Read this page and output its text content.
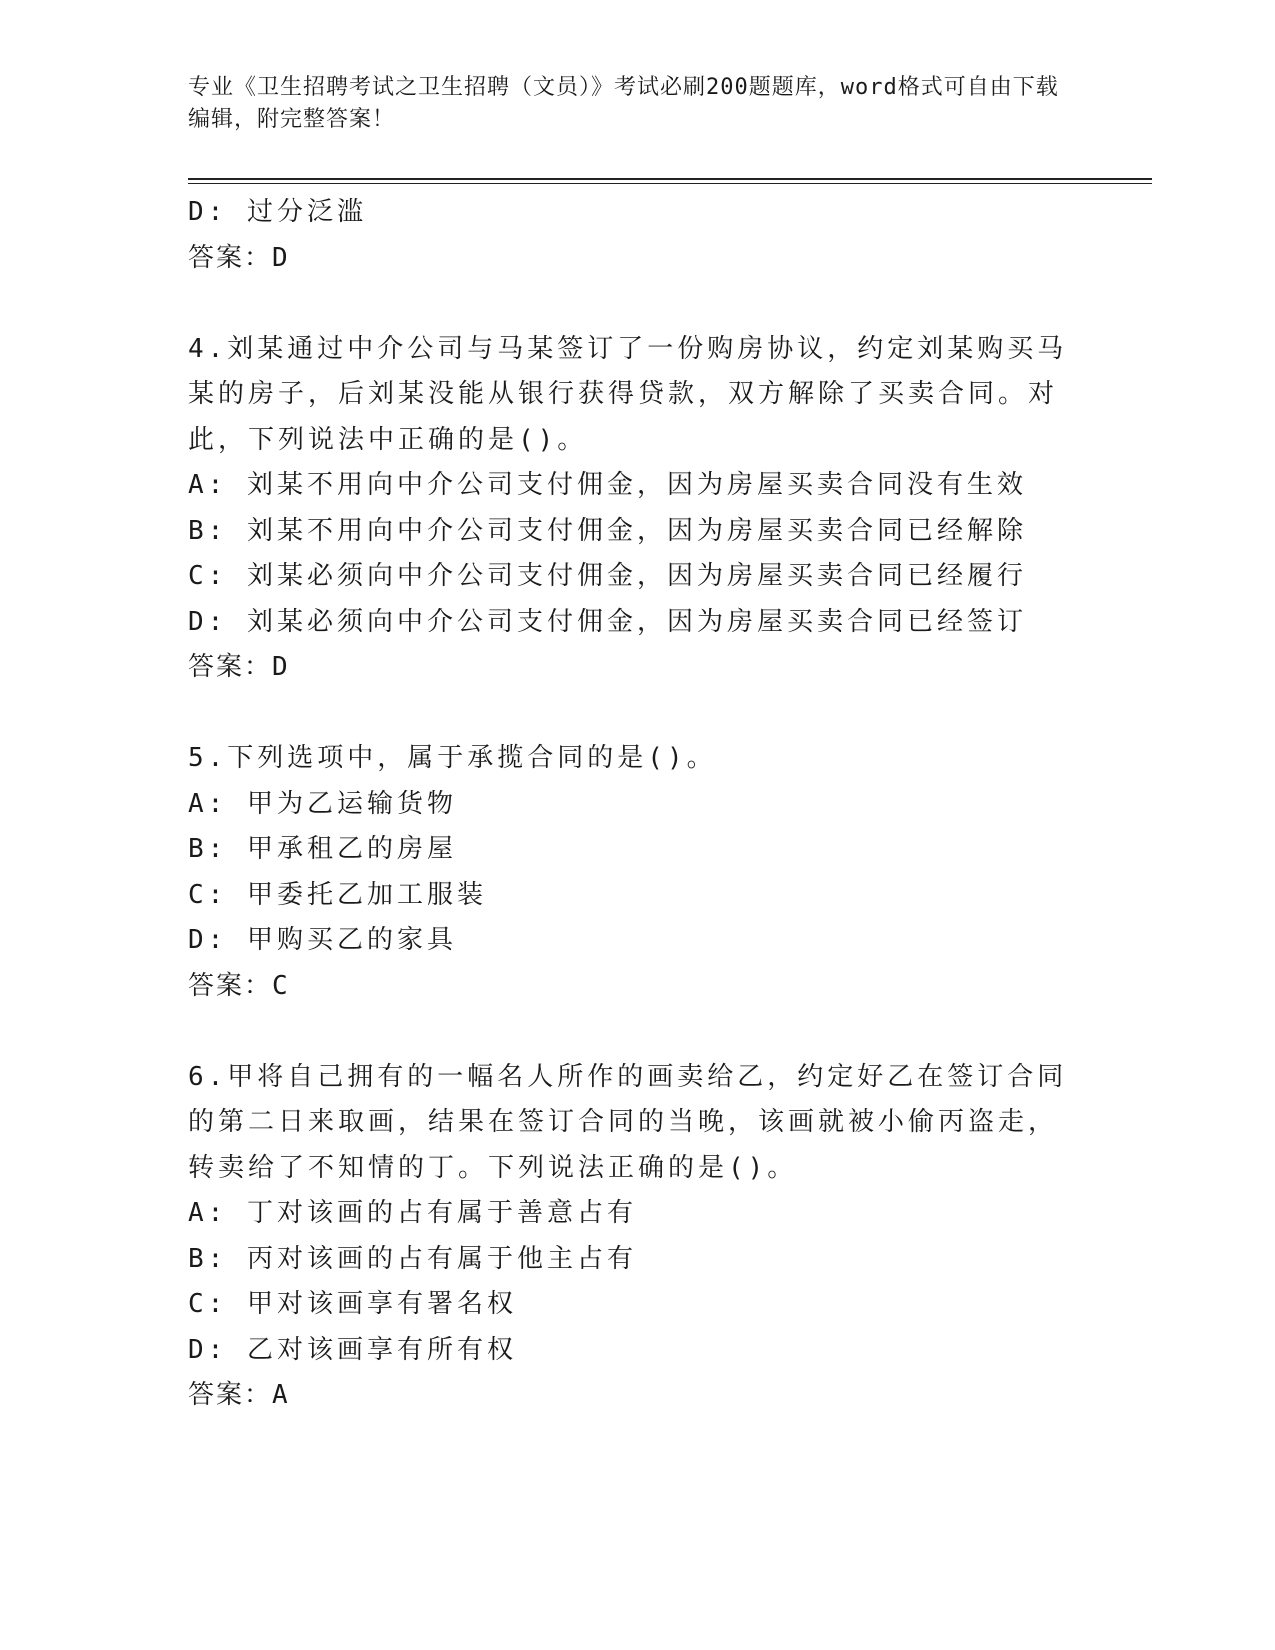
专业《卫生招聘考试之卫生招聘（文员）》考试必刷200题题库，word格式可自由下载编辑，附完整答案！
D: 过分泛滥
答案：D
4.刘某通过中介公司与马某签订了一份购房协议，约定刘某购买马某的房子，后刘某没能从银行获得贷款，双方解除了买卖合同。对此，下列说法中正确的是()。
A: 刘某不用向中介公司支付佣金，因为房屋买卖合同没有生效
B: 刘某不用向中介公司支付佣金，因为房屋买卖合同已经解除
C: 刘某必须向中介公司支付佣金，因为房屋买卖合同已经履行
D: 刘某必须向中介公司支付佣金，因为房屋买卖合同已经签订
答案：D
5.下列选项中，属于承揽合同的是()。
A: 甲为乙运输货物
B: 甲承租乙的房屋
C: 甲委托乙加工服装
D: 甲购买乙的家具
答案：C
6.甲将自己拥有的一幅名人所作的画卖给乙，约定好乙在签订合同的第二日来取画，结果在签订合同的当晚，该画就被小偷丙盗走，转卖给了不知情的丁。下列说法正确的是()。
A: 丁对该画的占有属于善意占有
B: 丙对该画的占有属于他主占有
C: 甲对该画享有署名权
D: 乙对该画享有所有权
答案：A
